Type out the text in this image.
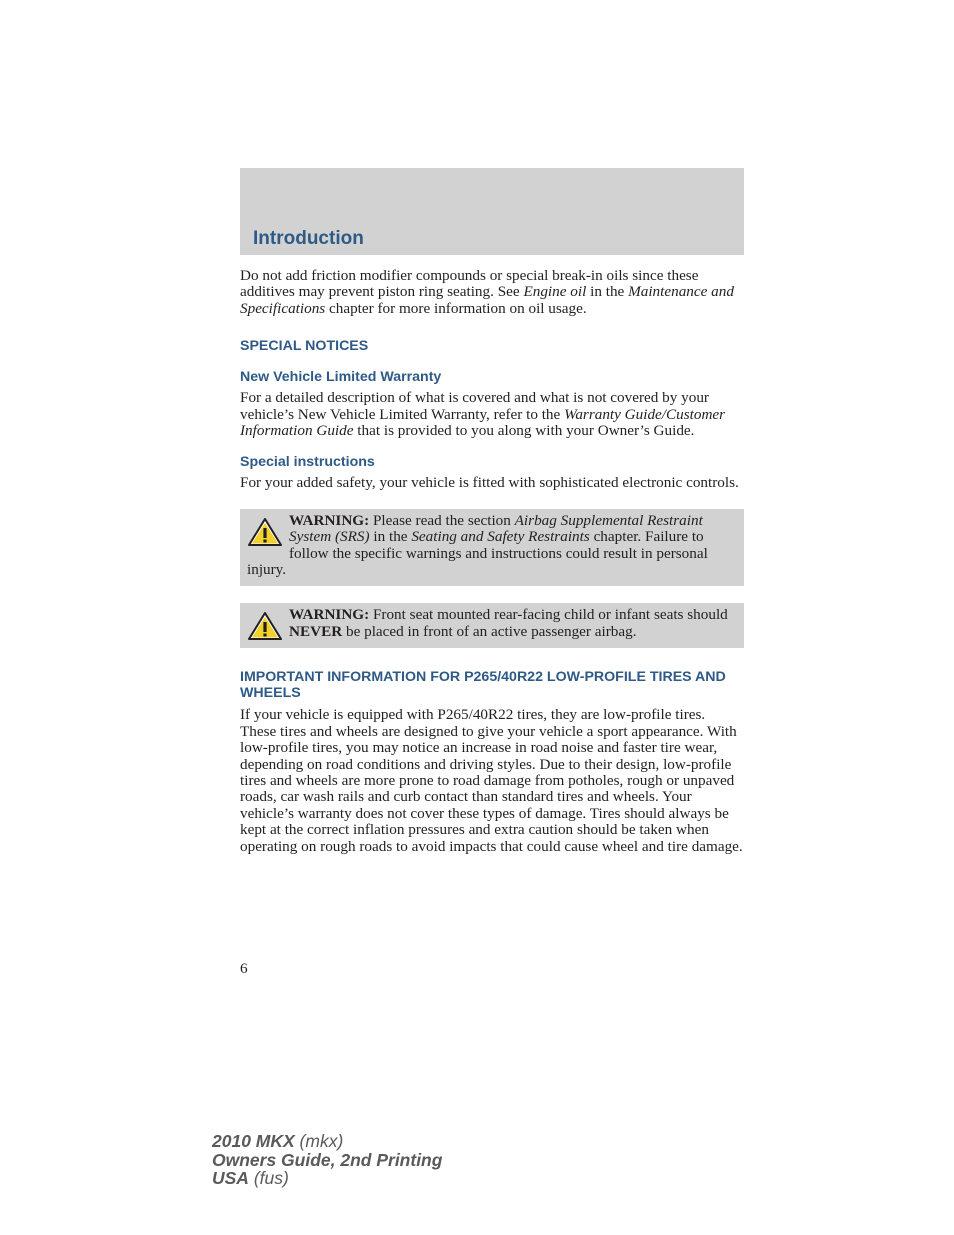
Introduction

Do not add friction modifier compounds or special break-in oils since these additives may prevent piston ring seating. See Engine oil in the Maintenance and Specifications chapter for more information on oil usage.

SPECIAL NOTICES
New Vehicle Limited Warranty

For a detailed description of what is covered and what is not covered by your vehicle’s New Vehicle Limited Warranty, refer to the Warranty Guide/Customer Information Guide that is provided to you along with your Owner’s Guide.

Special instructions

For your added safety, your vehicle is fitted with sophisticated electronic controls.

WARNING: Please read the section Airbag Supplemental Restraint System (SRS) in the Seating and Safety Restraints chapter. Failure to follow the specific warnings and instructions could result in personal injury.

WARNING: Front seat mounted rear-facing child or infant seats should NEVER be placed in front of an active passenger airbag.

IMPORTANT INFORMATION FOR P265/40R22 LOW-PROFILE TIRES AND WHEELS

If your vehicle is equipped with P265/40R22 tires, they are low-profile tires. These tires and wheels are designed to give your vehicle a sport appearance. With low-profile tires, you may notice an increase in road noise and faster tire wear, depending on road conditions and driving styles. Due to their design, low-profile tires and wheels are more prone to road damage from potholes, rough or unpaved roads, car wash rails and curb contact than standard tires and wheels. Your vehicle’s warranty does not cover these types of damage. Tires should always be kept at the correct inflation pressures and extra caution should be taken when operating on rough roads to avoid impacts that could cause wheel and tire damage.

6
2010 MKX (mkx)
Owners Guide, 2nd Printing
USA (fus)
